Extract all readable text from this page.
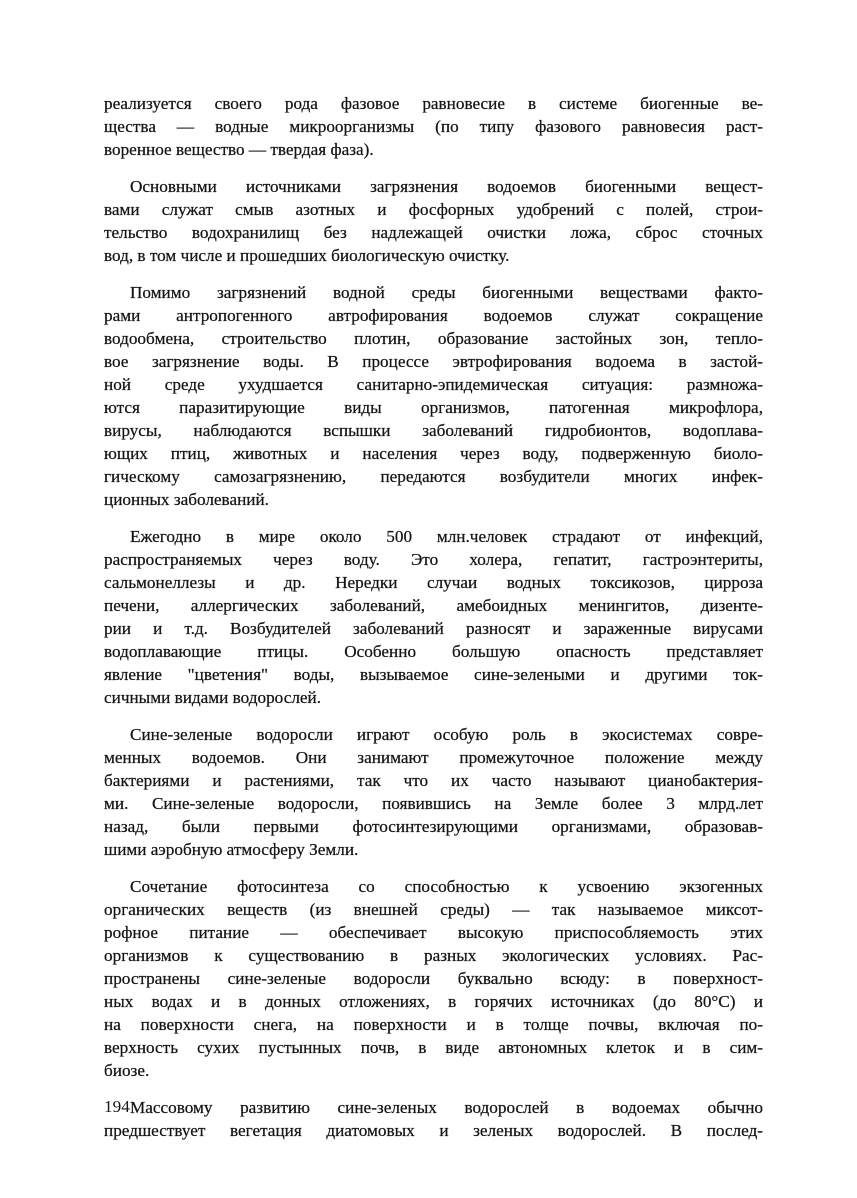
реализуется своего рода фазовое равновесие в системе биогенные ве-
щества — водные микроорганизмы (по типу фазового равновесия раст-
воренное вещество — твердая фаза).
Основными источниками загрязнения водоемов биогенными вещест-
вами служат смыв азотных и фосфорных удобрений с полей, строи-
тельство водохранилищ без надлежащей очистки ложа, сброс сточных
вод, в том числе и прошедших биологическую очистку.
Помимо загрязнений водной среды биогенными веществами факто-
рами антропогенного автрофирования водоемов служат сокращение
водообмена, строительство плотин, образование застойных зон, тепло-
вое загрязнение воды. В процессе эвтрофирования водоема в застой-
ной среде ухудшается санитарно-эпидемическая ситуация: размножа-
ются паразитирующие виды организмов, патогенная микрофлора,
вирусы, наблюдаются вспышки заболеваний гидробионтов, водоплава-
ющих птиц, животных и населения через воду, подверженную биоло-
гическому самозагрязнению, передаются возбудители многих инфек-
ционных заболеваний.
Ежегодно в мире около 500 млн.человек страдают от инфекций,
распространяемых через воду. Это холера, гепатит, гастроэнтериты,
сальмонеллезы и др. Нередки случаи водных токсикозов, цирроза
печени, аллергических заболеваний, амебоидных менингитов, дизенте-
рии и т.д. Возбудителей заболеваний разносят и зараженные вирусами
водоплавающие птицы. Особенно большую опасность представляет
явление "цветения" воды, вызываемое сине-зелеными и другими ток-
сичными видами водорослей.
Сине-зеленые водоросли играют особую роль в экосистемах совре-
менных водоемов. Они занимают промежуточное положение между
бактериями и растениями, так что их часто называют цианобактерия-
ми. Сине-зеленые водоросли, появившись на Земле более 3 млрд.лет
назад, были первыми фотосинтезирующими организмами, образовав-
шими аэробную атмосферу Земли.
Сочетание фотосинтеза со способностью к усвоению экзогенных
органических веществ (из внешней среды) — так называемое миксот-
рофное питание — обеспечивает высокую приспособляемость этих
организмов к существованию в разных экологических условиях. Рас-
пространены сине-зеленые водоросли буквально всюду: в поверхност-
ных водах и в донных отложениях, в горячих источниках (до 80°С) и
на поверхности снега, на поверхности и в толще почвы, включая по-
верхность сухих пустынных почв, в виде автономных клеток и в сим-
биозе.
Массовому развитию сине-зеленых водорослей в водоемах обычно
предшествует вегетация диатомовых и зеленых водорослей. В послед-
194
